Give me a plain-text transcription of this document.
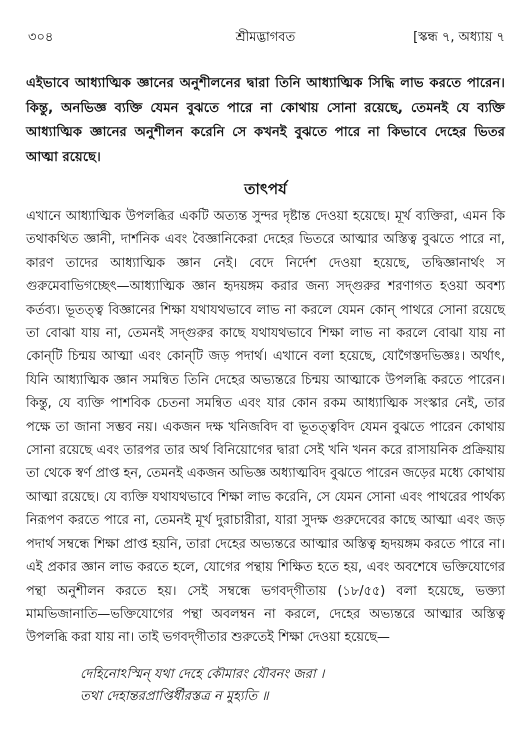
৩০৪	শ্রীমদ্ভাগবত	[স্কন্ধ ৭, অধ্যায় ৭
এইভাবে আধ্যাত্মিক জ্ঞানের অনুশীলনের দ্বারা তিনি আধ্যাত্মিক সিদ্ধি লাভ করতে পারেন। কিন্তু, অনভিজ্ঞ ব্যক্তি যেমন বুঝতে পারে না কোথায় সোনা রয়েছে, তেমনই যে ব্যক্তি আধ্যাত্মিক জ্ঞানের অনুশীলন করেনি সে কখনই বুঝতে পারে না কিভাবে দেহের ভিতর আত্মা রয়েছে।
তাৎপর্য

এখানে আধ্যাত্মিক উপলব্ধির একটি অত্যন্ত সুন্দর দৃষ্টান্ত দেওয়া হয়েছে। মূর্খ ব্যক্তিরা, এমন কি তথাকথিত জ্ঞানী, দার্শনিক এবং বৈজ্ঞানিকেরা দেহের ভিতরে আত্মার অস্তিত্ব বুঝতে পারে না, কারণ তাদের আধ্যাত্মিক জ্ঞান নেই। বেদে নির্দেশ দেওয়া হয়েছে, তদ্বিজ্ঞানার্থং স গুরুমেবাভিগচ্ছেৎ—আধ্যাত্মিক জ্ঞান হৃদয়ঙ্গম করার জন্য সদ্গুরুর শরণাগত হওয়া অবশ্য কর্তব্য। ভূতত্ত্ব বিজ্ঞানের শিক্ষা যথাযথভাবে লাভ না করলে যেমন কোন্ পাথরে সোনা রয়েছে তা বোঝা যায় না, তেমনই সদ্গুরুর কাছে যথাযথভাবে শিক্ষা লাভ না করলে বোঝা যায় না কোন্‌টি চিন্ময় আত্মা এবং কোন্‌টি জড় পদার্থ। এখানে বলা হয়েছে, যোগৈস্তদভিজ্ঞঃ। অর্থাৎ, যিনি আধ্যাত্মিক জ্ঞান সমন্বিত তিনি দেহের অভ্যন্তরে চিন্ময় আত্মাকে উপলব্ধি করতে পারেন। কিন্তু, যে ব্যক্তি পাশবিক চেতনা সমন্বিত এবং যার কোন রকম আধ্যাত্মিক সংস্কার নেই, তার পক্ষে তা জানা সম্ভব নয়। একজন দক্ষ খনিজবিদ বা ভূতত্ত্ববিদ যেমন বুঝতে পারেন কোথায় সোনা রয়েছে এবং তারপর তার অর্থ বিনিয়োগের দ্বারা সেই খনি খনন করে রাসায়নিক প্রক্রিয়ায় তা থেকে স্বর্ণ প্রাপ্ত হন, তেমনই একজন অভিজ্ঞ অধ্যাত্মবিদ বুঝতে পারেন জড়ের মধ্যে কোথায় আত্মা রয়েছে। যে ব্যক্তি যথাযথভাবে শিক্ষা লাভ করেনি, সে যেমন সোনা এবং পাথরের পার্থক্য নিরূপণ করতে পারে না, তেমনই মূর্খ দুরাচারীরা, যারা সুদক্ষ গুরুদেবের কাছে আত্মা এবং জড় পদার্থ সম্বন্ধে শিক্ষা প্রাপ্ত হয়নি, তারা দেহের অভ্যন্তরে আত্মার অস্তিত্ব হৃদয়ঙ্গম করতে পারে না। এই প্রকার জ্ঞান লাভ করতে হলে, যোগের পন্থায় শিক্ষিত হতে হয়, এবং অবশেষে ভক্তিযোগের পন্থা অনুশীলন করতে হয়। সেই সম্বন্ধে ভগবদ্‌গীতায় (১৮/৫৫) বলা হয়েছে, ভক্ত্যা মামভিজানাতি—ভক্তিযোগের পন্থা অবলম্বন না করলে, দেহের অভ্যন্তরে আত্মার অস্তিত্ব উপলব্ধি করা যায় না। তাই ভগবদ্‌গীতার শুরুতেই শিক্ষা দেওয়া হয়েছে—

দেহিনোঽস্মিন্ যথা দেহে কৌমারং যৌবনং জরা ।
তথা দেহান্তরপ্রাপ্তির্ধীরস্তত্র ন মুহ্যতি ॥
